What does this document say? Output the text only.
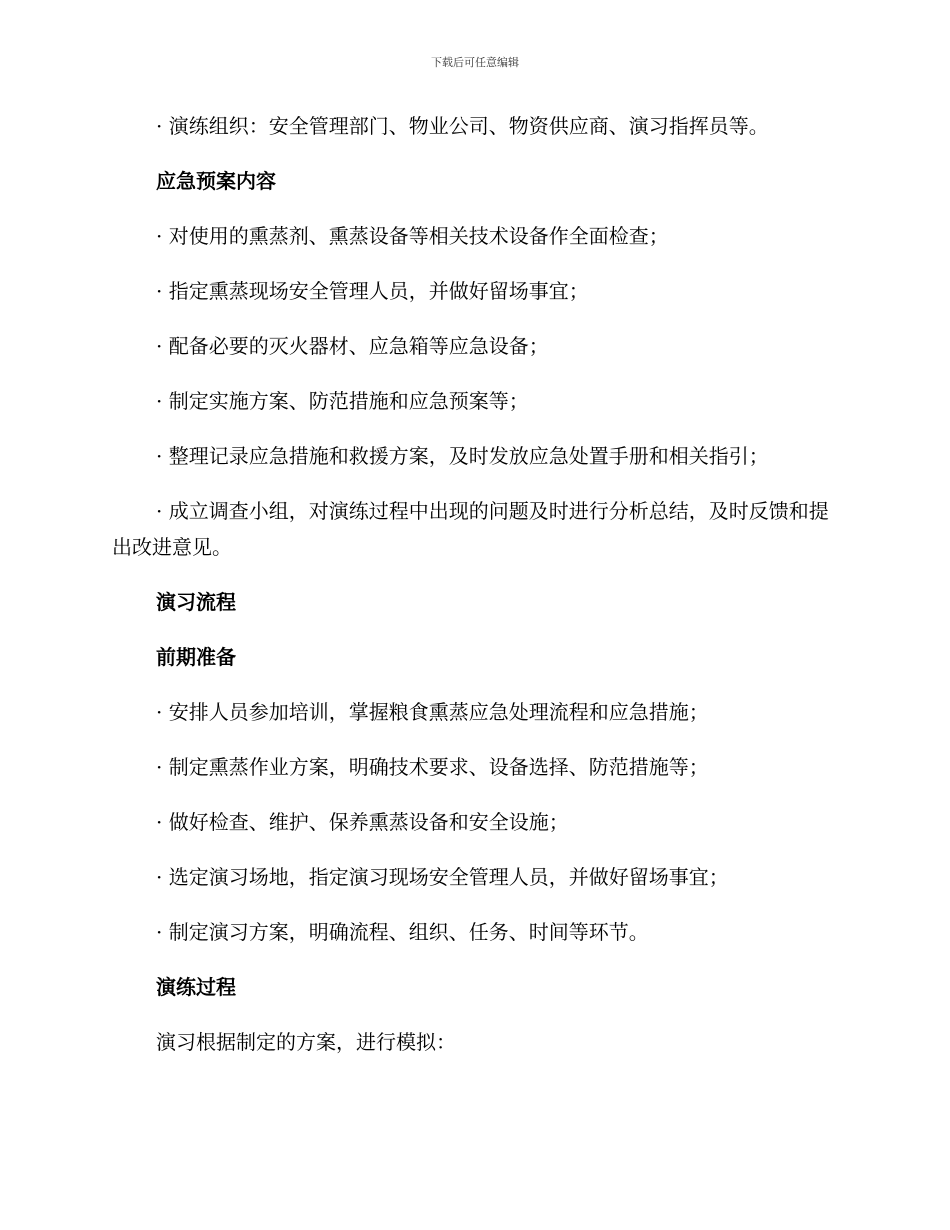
下载后可任意编辑

· 演练组织：安全管理部门、物业公司、物资供应商、演习指挥员等。

应急预案内容

· 对使用的熏蒸剂、熏蒸设备等相关技术设备作全面检查；

· 指定熏蒸现场安全管理人员，并做好留场事宜；

· 配备必要的灭火器材、应急箱等应急设备；

· 制定实施方案、防范措施和应急预案等；

· 整理记录应急措施和救援方案，及时发放应急处置手册和相关指引；

· 成立调查小组，对演练过程中出现的问题及时进行分析总结，及时反馈和提出改进意见。

演习流程
前期准备

· 安排人员参加培训，掌握粮食熏蒸应急处理流程和应急措施；

· 制定熏蒸作业方案，明确技术要求、设备选择、防范措施等；

· 做好检查、维护、保养熏蒸设备和安全设施；

· 选定演习场地，指定演习现场安全管理人员，并做好留场事宜；

· 制定演习方案，明确流程、组织、任务、时间等环节。

演练过程

演习根据制定的方案，进行模拟：
